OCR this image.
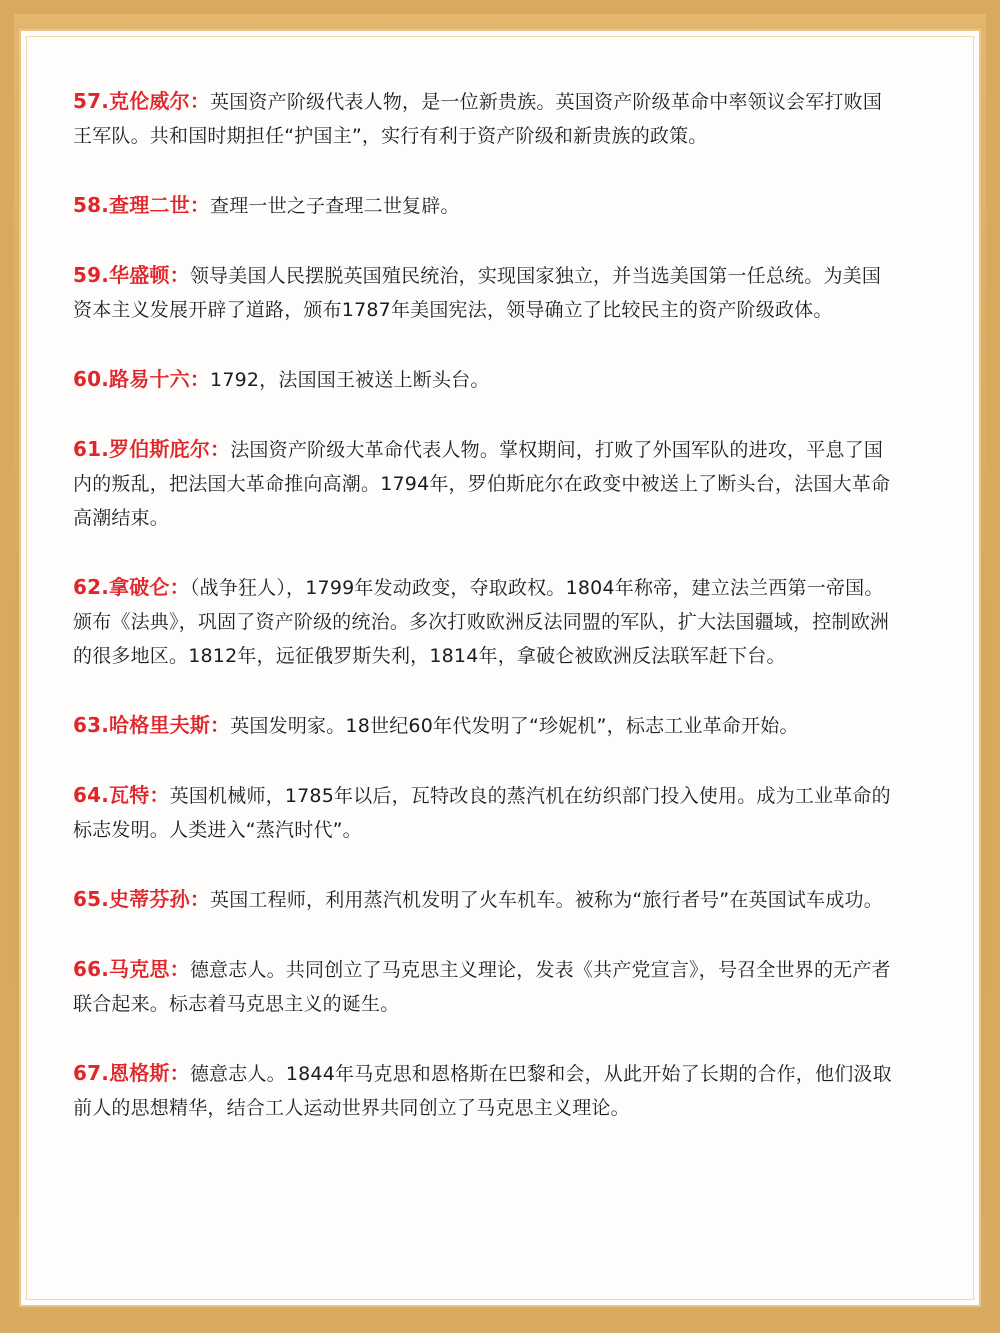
57.克伦威尔：英国资产阶级代表人物，是一位新贵族。英国资产阶级革命中率领议会军打败国王军队。共和国时期担任“护国主”，实行有利于资产阶级和新贵族的政策。

58.查理二世：查理一世之子查理二世复辟。

59.华盛顿：领导美国人民摆脱英国殖民统治，实现国家独立，并当选美国第一任总统。为美国资本主义发展开辟了道路，颁布1787年美国宪法，领导确立了比较民主的资产阶级政体。

60.路易十六：1792，法国国王被送上断头台。

61.罗伯斯庇尔：法国资产阶级大革命代表人物。掌权期间，打败了外国军队的进攻，平息了国内的叛乱，把法国大革命推向高潮。1794年，罗伯斯庇尔在政变中被送上了断头台，法国大革命高潮结束。

62.拿破仑：（战争狂人），1799年发动政变，夺取政权。1804年称帝，建立法兰西第一帝国。颁布《法典》，巩固了资产阶级的统治。多次打败欧洲反法同盟的军队，扩大法国疆域，控制欧洲的很多地区。1812年，远征俄罗斯失利，1814年，拿破仑被欧洲反法联军赶下台。

63.哈格里夫斯：英国发明家。18世纪60年代发明了“珍妮机”，标志工业革命开始。

64.瓦特：英国机械师，1785年以后，瓦特改良的蒸汽机在纺织部门投入使用。成为工业革命的标志发明。人类进入“蒸汽时代”。

65.史蒂芬孙：英国工程师，利用蒸汽机发明了火车机车。被称为“旅行者号”在英国试车成功。

66.马克思：德意志人。共同创立了马克思主义理论，发表《共产党宣言》，号召全世界的无产者联合起来。标志着马克思主义的诞生。

67.恩格斯：德意志人。1844年马克思和恩格斯在巴黎和会，从此开始了长期的合作，他们汲取前人的思想精华，结合工人运动世界共同创立了马克思主义理论。
